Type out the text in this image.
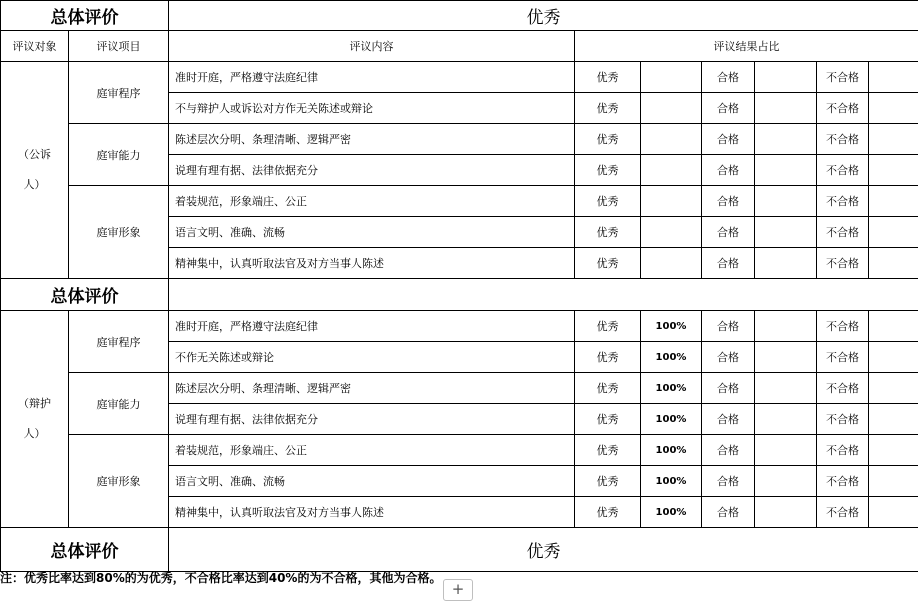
总体评价		优秀						
评议对象	评议项目	评议内容	评议结果占比					
（公诉
人）	庭审程序	准时开庭，严格遵守法庭纪律	优秀		合格		不合格	
		不与辩护人或诉讼对方作无关陈述或辩论	优秀		合格		不合格	
	庭审能力	陈述层次分明、条理清晰、逻辑严密	优秀		合格		不合格	
		说理有理有据、法律依据充分	优秀		合格		不合格	
	庭审形象	着装规范，形象端庄、公正	优秀		合格		不合格	
		语言文明、准确、流畅	优秀		合格		不合格	
		精神集中，认真听取法官及对方当事人陈述	优秀		合格		不合格	
总体评价								
（辩护
人）	庭审程序	准时开庭，严格遵守法庭纪律	优秀	100%	合格		不合格	
		不作无关陈述或辩论	优秀	100%	合格		不合格	
	庭审能力	陈述层次分明、条理清晰、逻辑严密	优秀	100%	合格		不合格	
		说理有理有据、法律依据充分	优秀	100%	合格		不合格	
	庭审形象	着装规范，形象端庄、公正	优秀	100%	合格		不合格	
		语言文明、准确、流畅	优秀	100%	合格		不合格	
		精神集中，认真听取法官及对方当事人陈述	优秀	100%	合格		不合格	
总体评价		优秀						
注：优秀比率达到80%的为优秀，不合格比率达到40%的为不合格，其他为合格。
+
